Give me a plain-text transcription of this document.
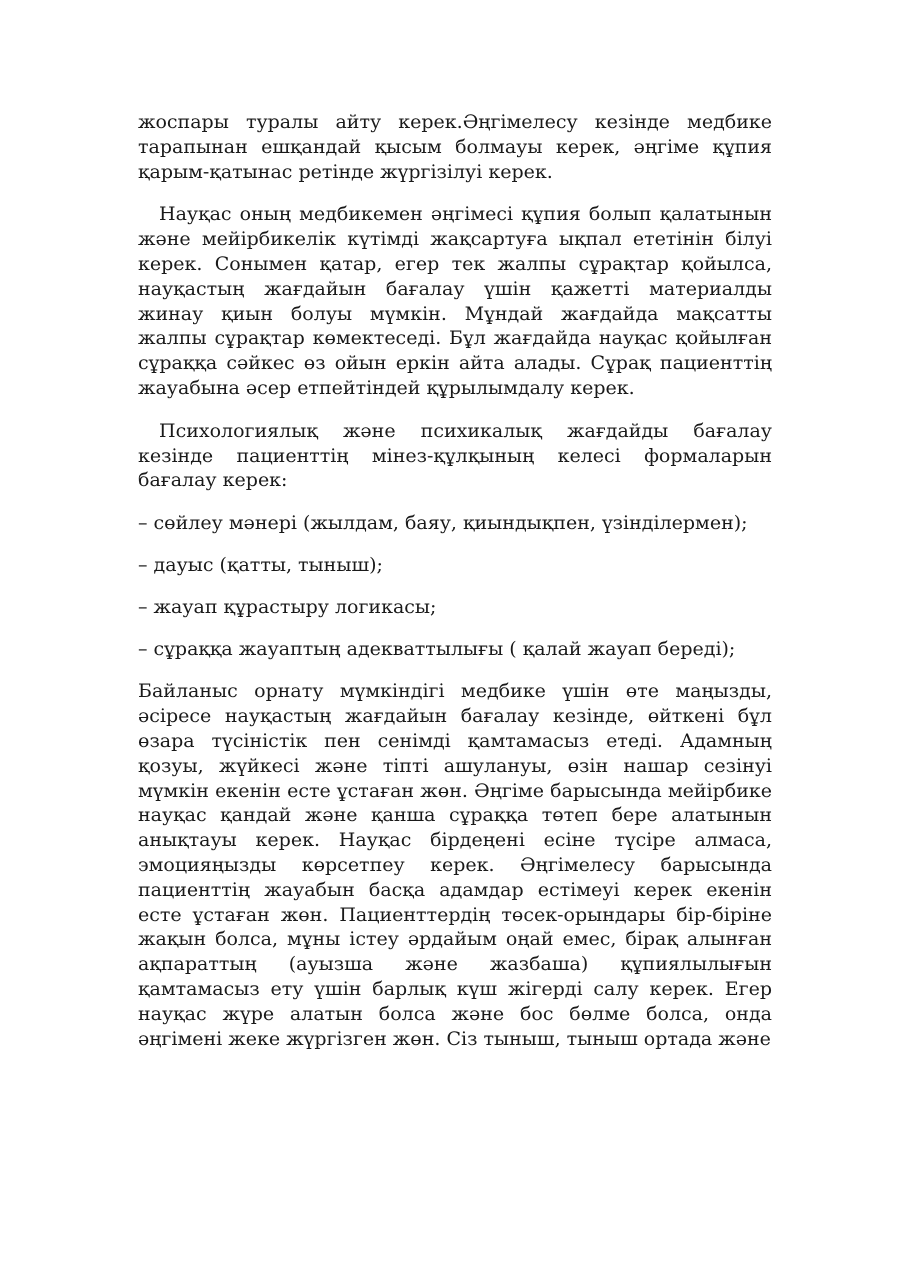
жоспары туралы айту керек.Әңгімелесу кезінде медбике тарапынан ешқандай қысым болмауы керек, әңгіме құпия қарым-қатынас ретінде жүргізілуі керек.

Науқас оның медбикемен әңгімесі құпия болып қалатынын және мейірбикелік күтімді жақсартуға ықпал ететінін білуі керек. Сонымен қатар, егер тек жалпы сұрақтар қойылса, науқастың жағдайын бағалау үшін қажетті материалды жинау қиын болуы мүмкін. Мұндай жағдайда мақсатты жалпы сұрақтар көмектеседі. Бұл жағдайда науқас қойылған сұраққа сәйкес өз ойын еркін айта алады. Сұрақ пациенттің жауабына әсер етпейтіндей құрылымдалу керек.

Психологиялық және психикалық жағдайды бағалау кезінде пациенттің мінез-құлқының келесі формаларын бағалау керек:

– сөйлеу мәнері (жылдам, баяу, қиындықпен, үзінділермен);

– дауыс (қатты, тыныш);

– жауап құрастыру логикасы;

– сұраққа жауаптың адекваттылығы ( қалай жауап береді);

Байланыс орнату мүмкіндігі медбике үшін өте маңызды, әсіресе науқастың жағдайын бағалау кезінде, өйткені бұл өзара түсіністік пен сенімді қамтамасыз етеді. Адамның қозуы, жүйкесі және тіпті ашулануы, өзін нашар сезінуі мүмкін екенін есте ұстаған жөн. Әңгіме барысында мейірбике науқас қандай және қанша сұраққа төтеп бере алатынын анықтауы керек. Науқас бірдеңені есіне түсіре алмаса, эмоцияңызды көрсетпеу керек. Әңгімелесу барысында пациенттің жауабын басқа адамдар естімеуі керек екенін есте ұстаған жөн. Пациенттердің төсек-орындары бір-біріне жақын болса, мұны істеу әрдайым оңай емес, бірақ алынған ақпараттың (ауызша және жазбаша) құпиялылығын қамтамасыз ету үшін барлық күш жігерді салу керек. Егер науқас жүре алатын болса және бос бөлме болса, онда әңгімені жеке жүргізген жөн. Сіз тыныш, тыныш ортада және
